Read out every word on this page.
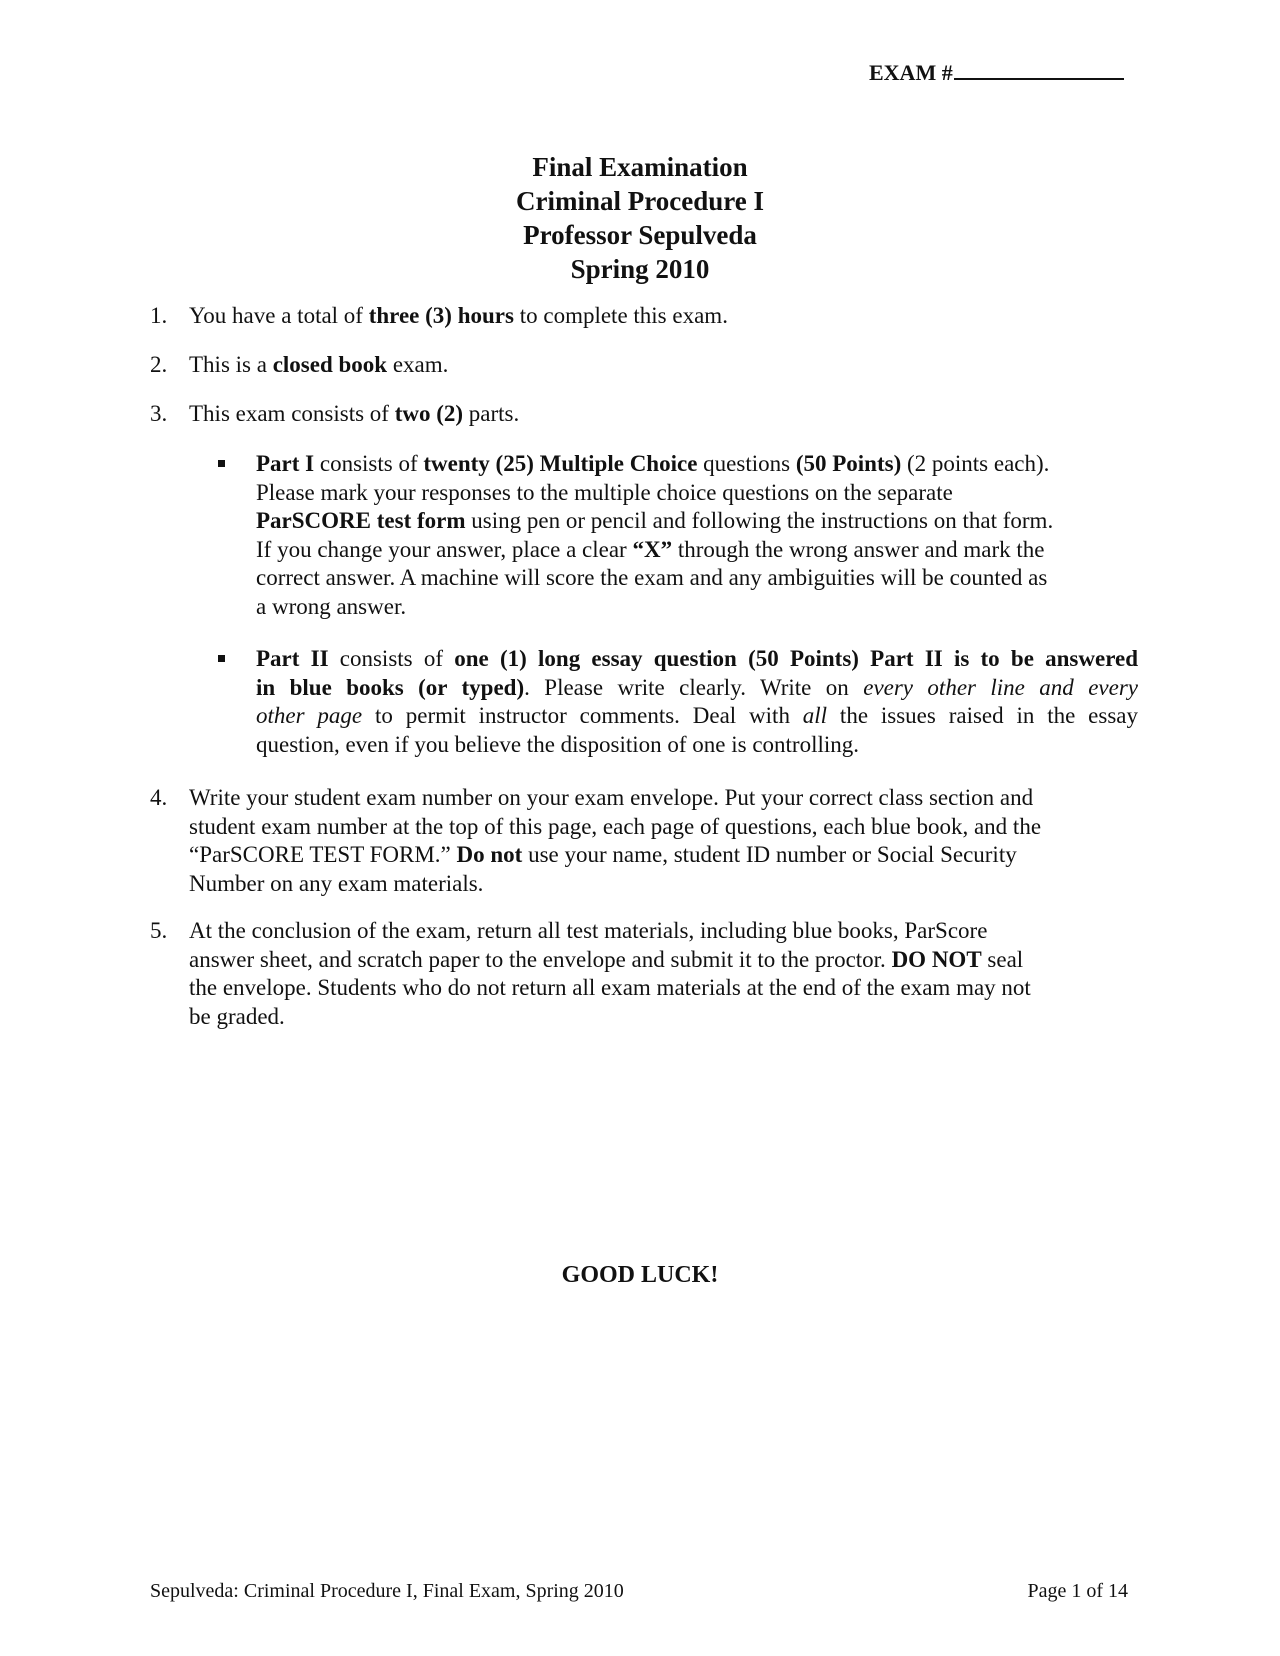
EXAM #
Final Examination
Criminal Procedure I
Professor Sepulveda
Spring 2010
1. You have a total of three (3) hours to complete this exam.
2. This is a closed book exam.
3. This exam consists of two (2) parts.
Part I consists of twenty (25) Multiple Choice questions (50 Points) (2 points each).
Please mark your responses to the multiple choice questions on the separate
ParSCORE test form using pen or pencil and following the instructions on that form.
If you change your answer, place a clear “X” through the wrong answer and mark the
correct answer. A machine will score the exam and any ambiguities will be counted as
a wrong answer.
Part II consists of one (1) long essay question (50 Points) Part II is to be answered
in blue books (or typed). Please write clearly. Write on every other line and every
other page to permit instructor comments. Deal with all the issues raised in the essay
question, even if you believe the disposition of one is controlling.
4. Write your student exam number on your exam envelope. Put your correct class section and
student exam number at the top of this page, each page of questions, each blue book, and the
“ParSCORE TEST FORM.” Do not use your name, student ID number or Social Security
Number on any exam materials.
5. At the conclusion of the exam, return all test materials, including blue books, ParScore
answer sheet, and scratch paper to the envelope and submit it to the proctor. DO NOT seal
the envelope. Students who do not return all exam materials at the end of the exam may not
be graded.
GOOD LUCK!
Sepulveda: Criminal Procedure I, Final Exam, Spring 2010	Page 1 of 14
